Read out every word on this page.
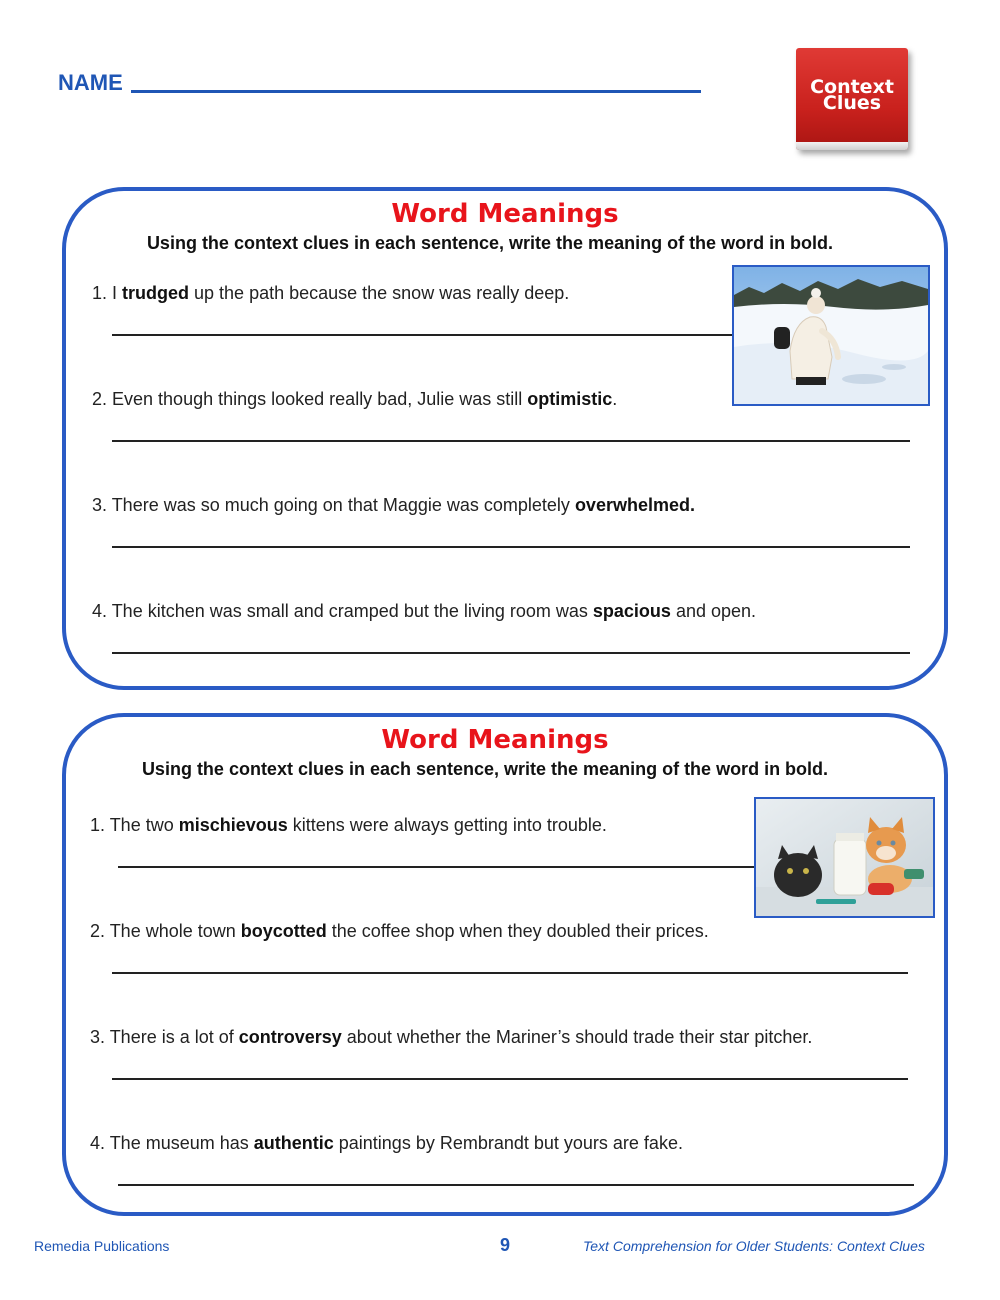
NAME	Context
Clues
Word Meanings
Using the context clues in each sentence, write the meaning of the word in bold.
1. I trudged up the path because the snow was really deep.
2. Even though things looked really bad, Julie was still optimistic.
3. There was so much going on that Maggie was completely overwhelmed.
4. The kitchen was small and cramped but the living room was spacious and open.
Word Meanings
Using the context clues in each sentence, write the meaning of the word in bold.
1. The two mischievous kittens were always getting into trouble.
2. The whole town boycotted the coffee shop when they doubled their prices.
3. There is a lot of controversy about whether the Mariner’s should trade their star pitcher.
4. The museum has authentic paintings by Rembrandt but yours are fake.
Remedia Publications	9	Text Comprehension for Older Students: Context Clues
